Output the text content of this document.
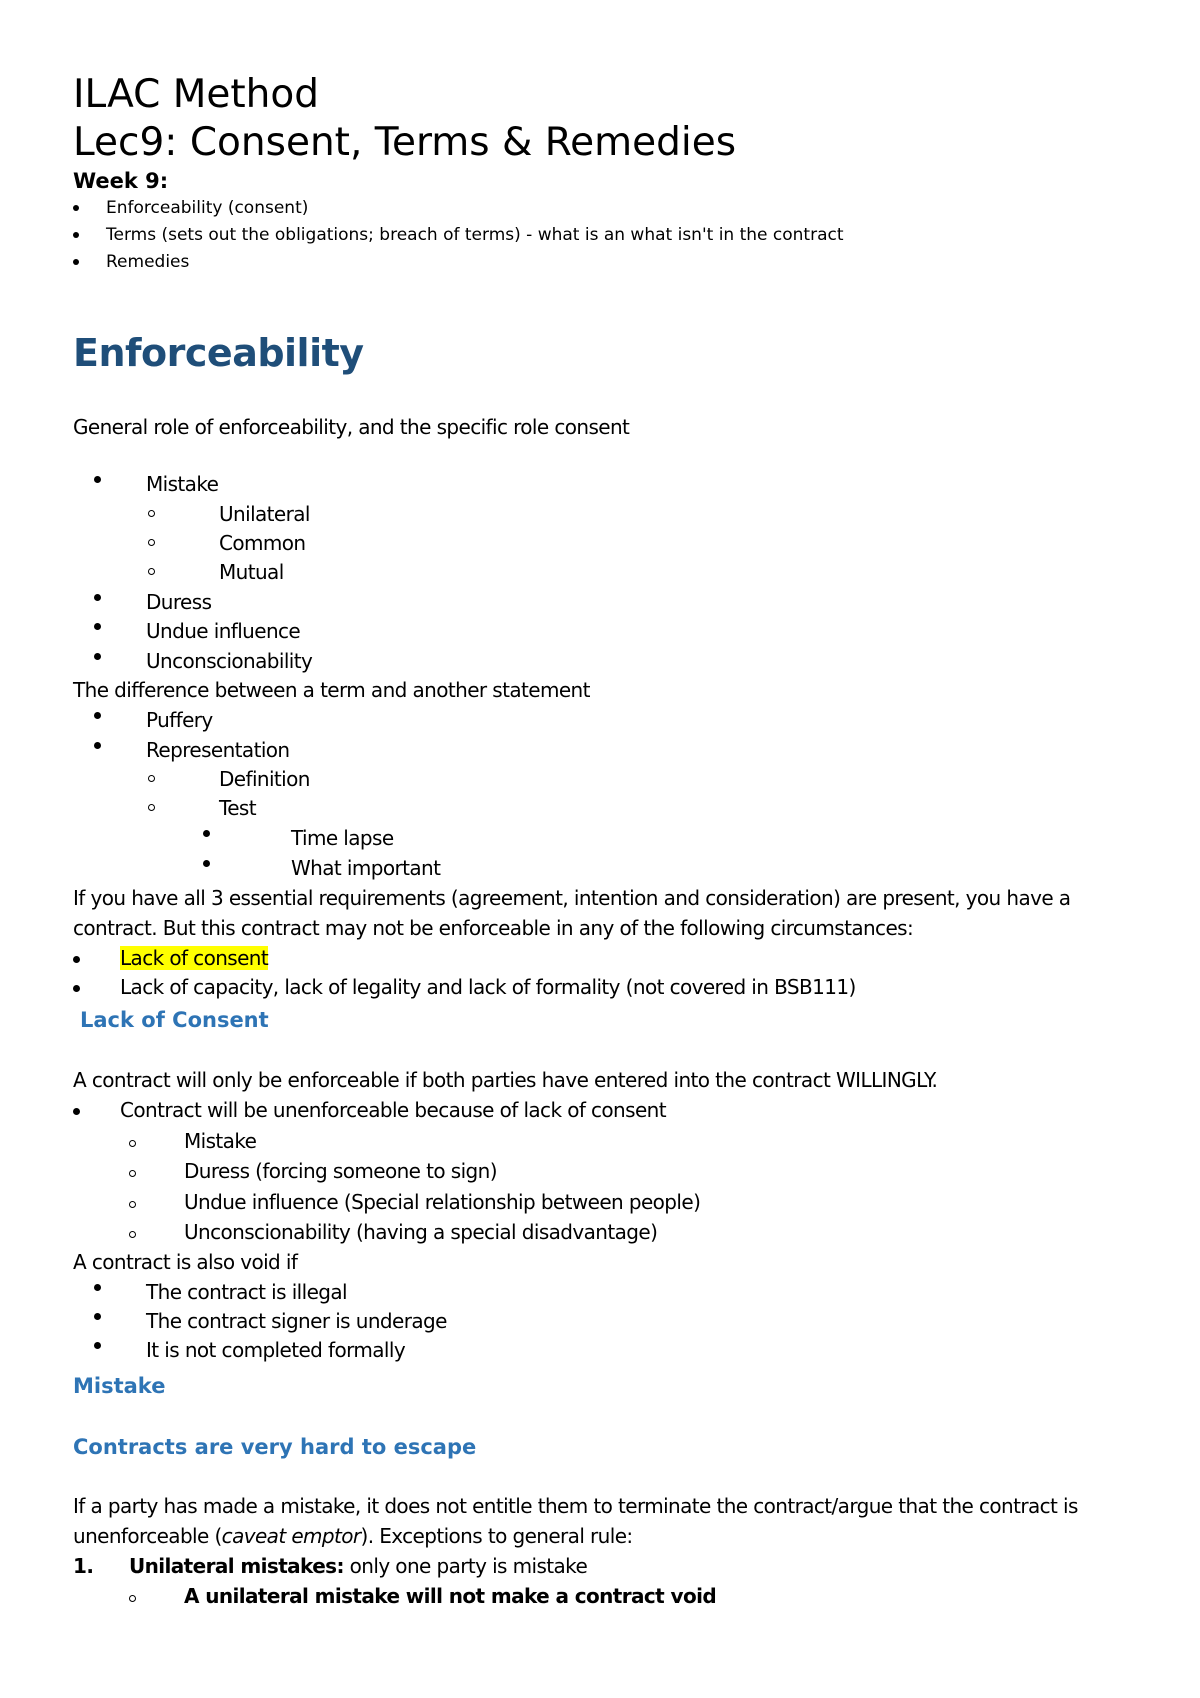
ILAC Method
Lec9: Consent, Terms & Remedies
Week 9:
Enforceability (consent)
Terms (sets out the obligations; breach of terms) - what is an what isn't in the contract
Remedies
Enforceability
General role of enforceability, and the specific role consent
Mistake
Unilateral
Common
Mutual
Duress
Undue influence
Unconscionability
The difference between a term and another statement
Puffery
Representation
Definition
Test
Time lapse
What important
If you have all 3 essential requirements (agreement, intention and consideration) are present, you have a
contract. But this contract may not be enforceable in any of the following circumstances:
Lack of consent
Lack of capacity, lack of legality and lack of formality (not covered in BSB111)
Lack of Consent
A contract will only be enforceable if both parties have entered into the contract WILLINGLY.
Contract will be unenforceable because of lack of consent
Mistake
Duress (forcing someone to sign)
Undue influence (Special relationship between people)
Unconscionability (having a special disadvantage)
A contract is also void if
The contract is illegal
The contract signer is underage
It is not completed formally
Mistake
Contracts are very hard to escape
If a party has made a mistake, it does not entitle them to terminate the contract/argue that the contract is
unenforceable (caveat emptor). Exceptions to general rule:
1. Unilateral mistakes: only one party is mistake
A unilateral mistake will not make a contract void
